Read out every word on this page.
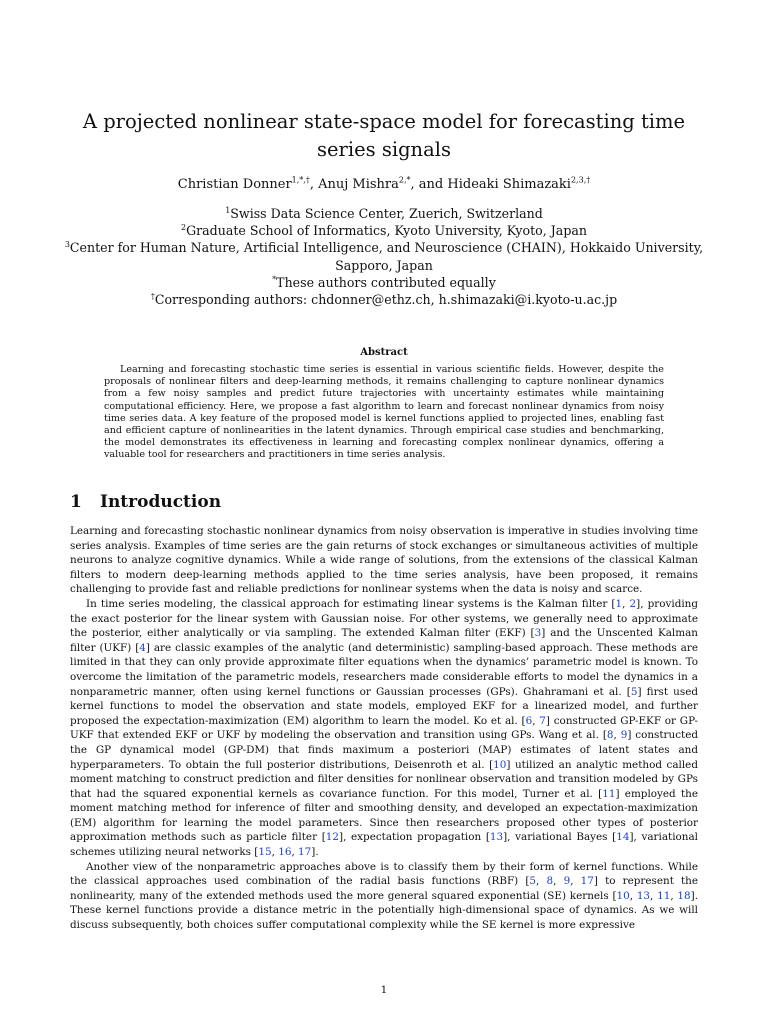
A projected nonlinear state-space model for forecasting time series signals
Christian Donner$^{1,*,\dagger}$, Anuj Mishra$^{2,*}$, and Hideaki Shimazaki$^{2,3,\dagger}$
$^1$Swiss Data Science Center, Zuerich, Switzerland
$^2$Graduate School of Informatics, Kyoto University, Kyoto, Japan
$^3$Center for Human Nature, Artificial Intelligence, and Neuroscience (CHAIN), Hokkaido University, Sapporo, Japan
*These authors contributed equally
†Corresponding authors: chdonner@ethz.ch, h.shimazaki@i.kyoto-u.ac.jp
Abstract

Learning and forecasting stochastic time series is essential in various scientific fields. However, despite the proposals of nonlinear filters and deep-learning methods, it remains challenging to capture nonlinear dynamics from a few noisy samples and predict future trajectories with uncertainty estimates while maintaining computational efficiency. Here, we propose a fast algorithm to learn and forecast nonlinear dynamics from noisy time series data. A key feature of the proposed model is kernel functions applied to projected lines, enabling fast and efficient capture of nonlinearities in the latent dynamics. Through empirical case studies and benchmarking, the model demonstrates its effectiveness in learning and forecasting complex nonlinear dynamics, offering a valuable tool for researchers and practitioners in time series analysis.

1 Introduction

Learning and forecasting stochastic nonlinear dynamics from noisy observation is imperative in studies involving time series analysis. Examples of time series are the gain returns of stock exchanges or simultaneous activities of multiple neurons to analyze cognitive dynamics. While a wide range of solutions, from the extensions of the classical Kalman filters to modern deep-learning methods applied to the time series analysis, have been proposed, it remains challenging to provide fast and reliable predictions for nonlinear systems when the data is noisy and scarce.

In time series modeling, the classical approach for estimating linear systems is the Kalman filter [1, 2], providing the exact posterior for the linear system with Gaussian noise. For other systems, we generally need to approximate the posterior, either analytically or via sampling. The extended Kalman filter (EKF) [3] and the Unscented Kalman filter (UKF) [4] are classic examples of the analytic (and deterministic) sampling-based approach. These methods are limited in that they can only provide approximate filter equations when the dynamics’ parametric model is known. To overcome the limitation of the parametric models, researchers made considerable efforts to model the dynamics in a nonparametric manner, often using kernel functions or Gaussian processes (GPs). Ghahramani et al. [5] first used kernel functions to model the observation and state models, employed EKF for a linearized model, and further proposed the expectation-maximization (EM) algorithm to learn the model. Ko et al. [6, 7] constructed GP-EKF or GP-UKF that extended EKF or UKF by modeling the observation and transition using GPs. Wang et al. [8, 9] constructed the GP dynamical model (GP-DM) that finds maximum a posteriori (MAP) estimates of latent states and hyperparameters. To obtain the full posterior distributions, Deisenroth et al. [10] utilized an analytic method called moment matching to construct prediction and filter densities for nonlinear observation and transition modeled by GPs that had the squared exponential kernels as covariance function. For this model, Turner et al. [11] employed the moment matching method for inference of filter and smoothing density, and developed an expectation-maximization (EM) algorithm for learning the model parameters. Since then researchers proposed other types of posterior approximation methods such as particle filter [12], expectation propagation [13], variational Bayes [14], variational schemes utilizing neural networks [15, 16, 17].

Another view of the nonparametric approaches above is to classify them by their form of kernel functions. While the classical approaches used combination of the radial basis functions (RBF) [5, 8, 9, 17] to represent the nonlinearity, many of the extended methods used the more general squared exponential (SE) kernels [10, 13, 11, 18]. These kernel functions provide a distance metric in the potentially high-dimensional space of dynamics. As we will discuss subsequently, both choices suffer computational complexity while the SE kernel is more expressive

1
